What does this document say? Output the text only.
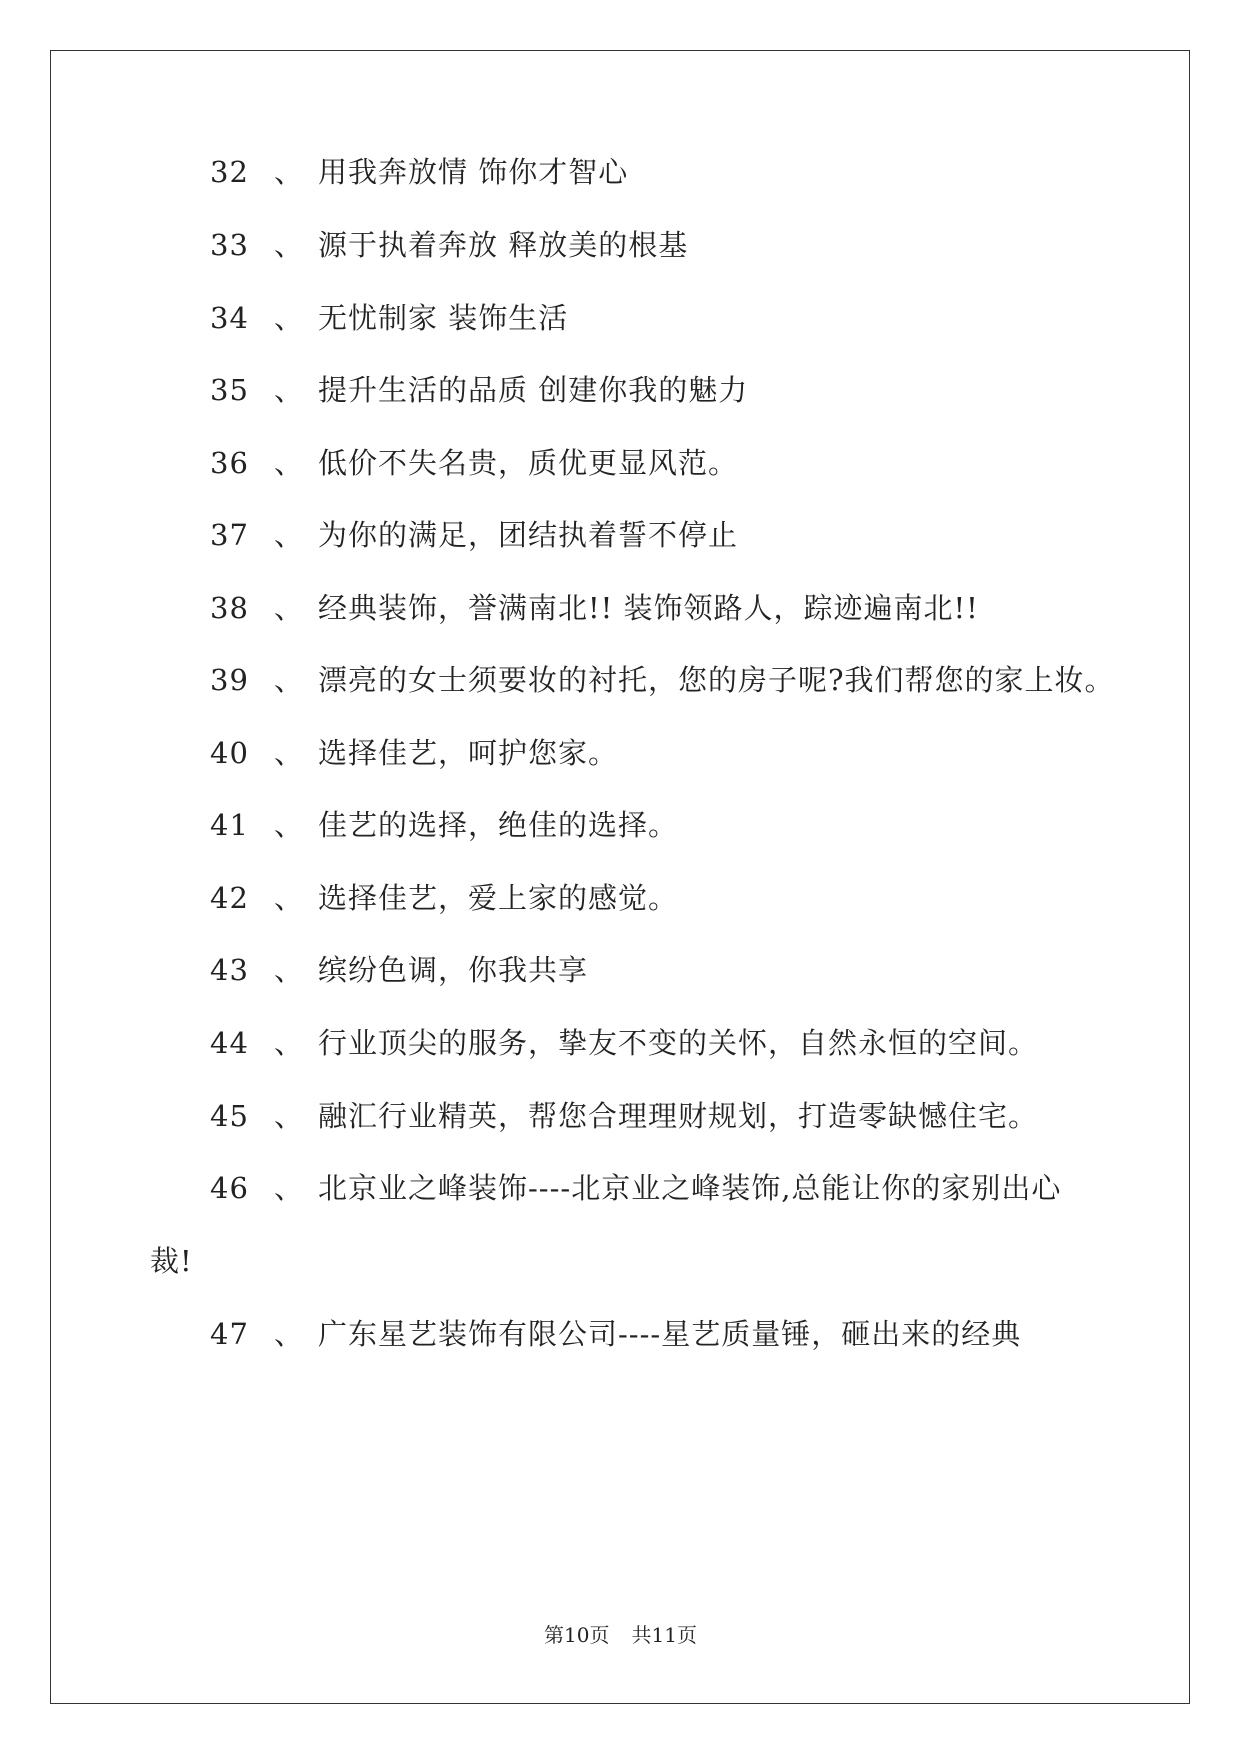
32 、 用我奔放情 饰你才智心
33 、 源于执着奔放 释放美的根基
34 、 无忧制家 装饰生活
35 、 提升生活的品质 创建你我的魅力
36 、 低价不失名贵，质优更显风范。
37 、 为你的满足，团结执着誓不停止
38 、 经典装饰，誉满南北!! 装饰领路人，踪迹遍南北!!
39 、 漂亮的女士须要妆的衬托，您的房子呢?我们帮您的家上妆。
40 、 选择佳艺，呵护您家。
41 、 佳艺的选择，绝佳的选择。
42 、 选择佳艺，爱上家的感觉。
43 、 缤纷色调，你我共享
44 、 行业顶尖的服务，挚友不变的关怀，自然永恒的空间。
45 、 融汇行业精英，帮您合理理财规划，打造零缺憾住宅。
46 、 北京业之峰装饰----北京业之峰装饰,总能让你的家别出心
裁!
47 、 广东星艺装饰有限公司----星艺质量锤，砸出来的经典
第10页 共11页
